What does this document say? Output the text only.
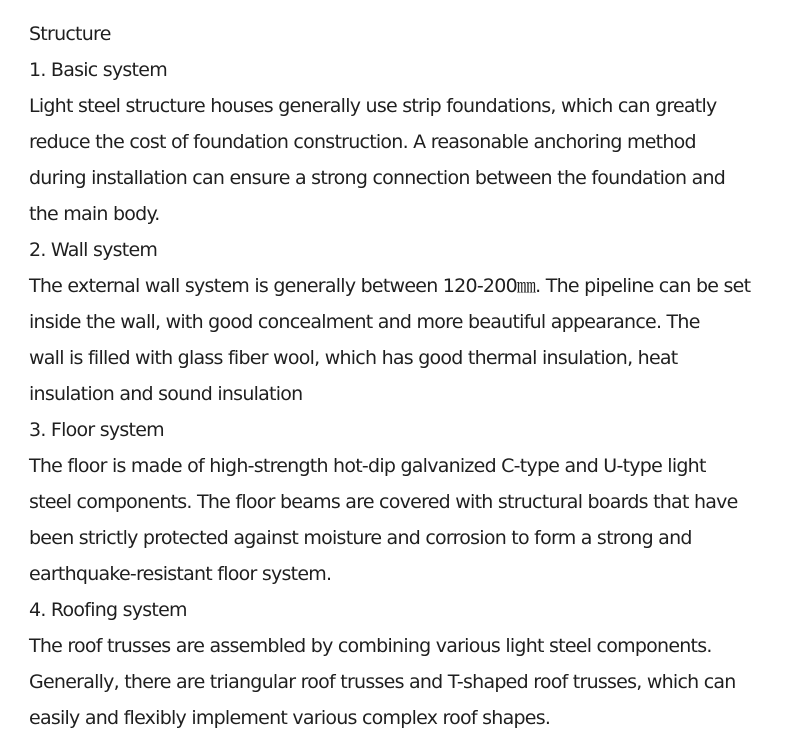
Structure
1. Basic system
Light steel structure houses generally use strip foundations, which can greatly
reduce the cost of foundation construction. A reasonable anchoring method
during installation can ensure a strong connection between the foundation and
the main body.
2. Wall system
The external wall system is generally between 120-200㎜. The pipeline can be set
inside the wall, with good concealment and more beautiful appearance. The
wall is filled with glass fiber wool, which has good thermal insulation, heat
insulation and sound insulation
3. Floor system
The floor is made of high-strength hot-dip galvanized C-type and U-type light
steel components. The floor beams are covered with structural boards that have
been strictly protected against moisture and corrosion to form a strong and
earthquake-resistant floor system.
4. Roofing system
The roof trusses are assembled by combining various light steel components.
Generally, there are triangular roof trusses and T-shaped roof trusses, which can
easily and flexibly implement various complex roof shapes.
